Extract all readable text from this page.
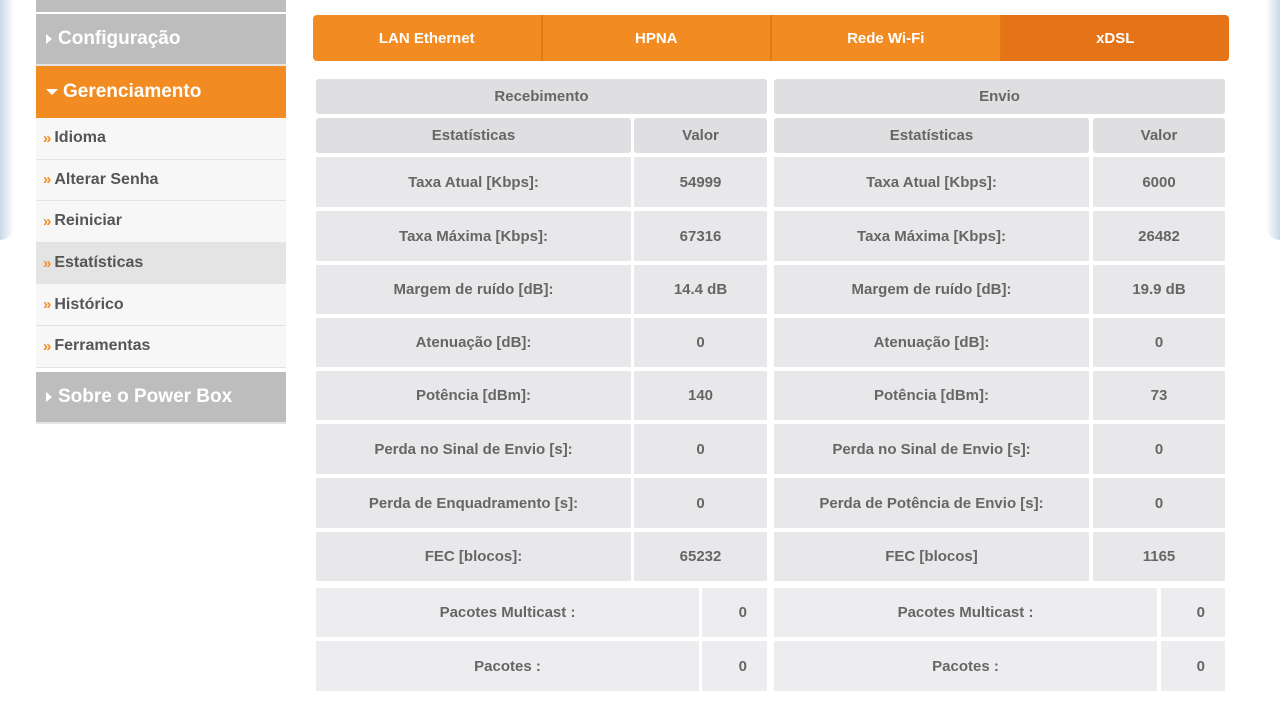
Configuração
Gerenciamento
» Idioma
» Alterar Senha
» Reiniciar
» Estatísticas
» Histórico
» Ferramentas
Sobre o Power Box
LAN Ethernet	HPNA	Rede Wi-Fi	xDSL
Recebimento
Estatísticas	Valor
Taxa Atual [Kbps]:	54999
Taxa Máxima [Kbps]:	67316
Margem de ruído [dB]:	14.4 dB
Atenuação [dB]:	0
Potência [dBm]:	140
Perda no Sinal de Envio [s]:	0
Perda de Enquadramento [s]:	0
FEC [blocos]:	65232
Pacotes Multicast :	0
Pacotes :	0
Envio
Estatísticas	Valor
Taxa Atual [Kbps]:	6000
Taxa Máxima [Kbps]:	26482
Margem de ruído [dB]:	19.9 dB
Atenuação [dB]:	0
Potência [dBm]:	73
Perda no Sinal de Envio [s]:	0
Perda de Potência de Envio [s]:	0
FEC [blocos]	1165
Pacotes Multicast :	0
Pacotes :	0
